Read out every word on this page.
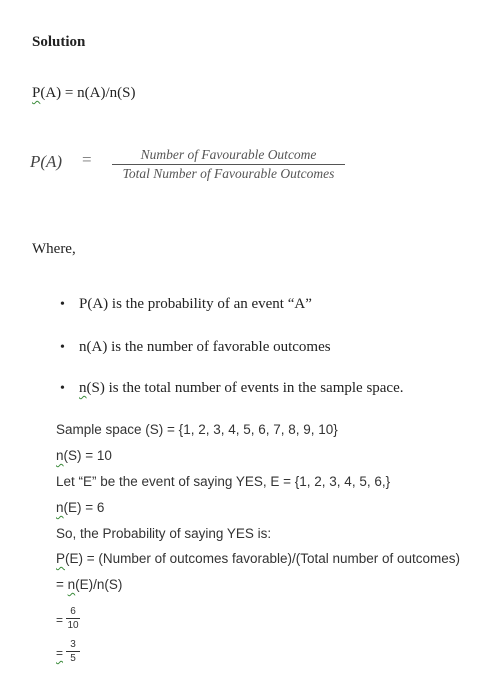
Solution
P(A) = n(A)/n(S)
P(A) =	Number of Favourable Outcome
Total Number of Favourable Outcomes
Where,
• P(A) is the probability of an event “A”
• n(A) is the number of favorable outcomes
• n(S) is the total number of events in the sample space.
Sample space (S) = {1, 2, 3, 4, 5, 6, 7, 8, 9, 10}
n(S) = 10
Let “E” be the event of saying YES, E = {1, 2, 3, 4, 5, 6,}
n(E) = 6
So, the Probability of saying YES is:
P(E) = (Number of outcomes favorable)/(Total number of outcomes)
= n(E)/n(S)
=
6
10
=
3
5
